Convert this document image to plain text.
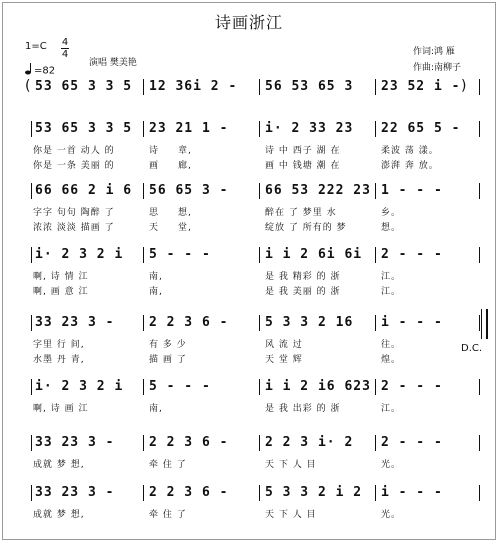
诗画浙江
1=C 4
4
=82
演唱 樊美艳
作词:鸿 雁
作曲:南柳子
( 53 65 3 3 5 12 36i 2 - 56 53 65 3 23 52 i - )
53 65 3 3 5 23 21 1 -	i· 2 33 23 22 65 5 -
你是 一首 动人 的	诗 章,	诗 中 西子 湖 在	柔波 荡 漾。
你是 一条 美丽 的	画 廊,	画 中 钱塘 潮 在	澎湃 奔 放。
66 66 2 i 6 56 65 3 -	66 53 222 23 1 - - -
字字 句句 陶醉 了	思 想,	醉在 了 梦里 水	乡。
浓浓 淡淡 描画 了	天 堂,	绽放 了 所有的 梦	想。
i· 2 3 2 i 5 - - -	i i 2 6i 6i 2 - - -
啊, 诗 情 江	南,	是 我 精彩 的 浙	江。
啊, 画 意 江	南,	是 我 美丽 的 浙	江。
33 23 3 -	2 2 3 6 -	5 3 3 2 16 i - - -
字里 行 间,	有 多 少	风 流 过	往。
水墨 丹 青,	描 画 了	天 堂 辉	煌。
D.C.
i· 2 3 2 i 5 - - -	i i 2 i6 623 2 - - -
啊, 诗 画 江	南,	是 我 出彩 的 浙	江。
33 23 3 -	2 2 3 6 -	2 2 3 i· 2 2 - - -
成就 梦 想,	牵 住 了	天 下 人 目	光。
33 23 3 -	2 2 3 6 -	5 3 3 2 i 2 i - - -
成就 梦 想,	牵 住 了	天 下 人 目	光。
